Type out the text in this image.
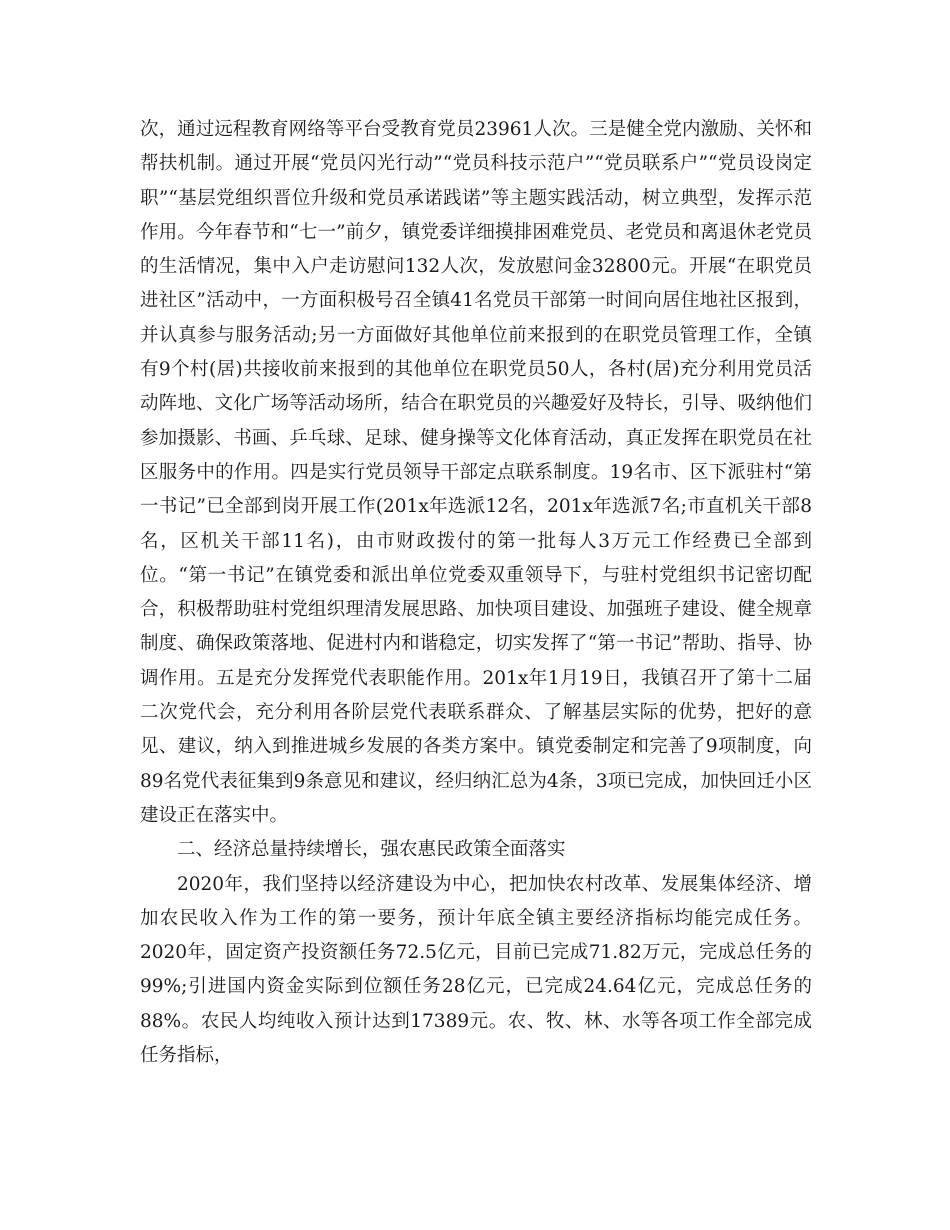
次，通过远程教育网络等平台受教育党员23961人次。三是健全党内激励、关怀和帮扶机制。通过开展“党员闪光行动”“党员科技示范户”“党员联系户”“党员设岗定职”“基层党组织晋位升级和党员承诺践诺”等主题实践活动，树立典型，发挥示范作用。今年春节和“七一”前夕，镇党委详细摸排困难党员、老党员和离退休老党员的生活情况，集中入户走访慰问132人次，发放慰问金32800元。开展“在职党员进社区”活动中，一方面积极号召全镇41名党员干部第一时间向居住地社区报到，并认真参与服务活动;另一方面做好其他单位前来报到的在职党员管理工作，全镇有9个村(居)共接收前来报到的其他单位在职党员50人，各村(居)充分利用党员活动阵地、文化广场等活动场所，结合在职党员的兴趣爱好及特长，引导、吸纳他们参加摄影、书画、乒乓球、足球、健身操等文化体育活动，真正发挥在职党员在社区服务中的作用。四是实行党员领导干部定点联系制度。19名市、区下派驻村“第一书记”已全部到岗开展工作(201x年选派12名，201x年选派7名;市直机关干部8名，区机关干部11名)，由市财政拨付的第一批每人3万元工作经费已全部到位。“第一书记”在镇党委和派出单位党委双重领导下，与驻村党组织书记密切配合，积极帮助驻村党组织理清发展思路、加快项目建设、加强班子建设、健全规章制度、确保政策落地、促进村内和谐稳定，切实发挥了“第一书记”帮助、指导、协调作用。五是充分发挥党代表职能作用。201x年1月19日，我镇召开了第十二届二次党代会，充分利用各阶层党代表联系群众、了解基层实际的优势，把好的意见、建议，纳入到推进城乡发展的各类方案中。镇党委制定和完善了9项制度，向89名党代表征集到9条意见和建议，经归纳汇总为4条，3项已完成，加快回迁小区建设正在落实中。

二、经济总量持续增长，强农惠民政策全面落实

2020年，我们坚持以经济建设为中心，把加快农村改革、发展集体经济、增加农民收入作为工作的第一要务，预计年底全镇主要经济指标均能完成任务。2020年，固定资产投资额任务72.5亿元，目前已完成71.82万元，完成总任务的99%;引进国内资金实际到位额任务28亿元，已完成24.64亿元，完成总任务的88%。农民人均纯收入预计达到17389元。农、牧、林、水等各项工作全部完成任务指标，
